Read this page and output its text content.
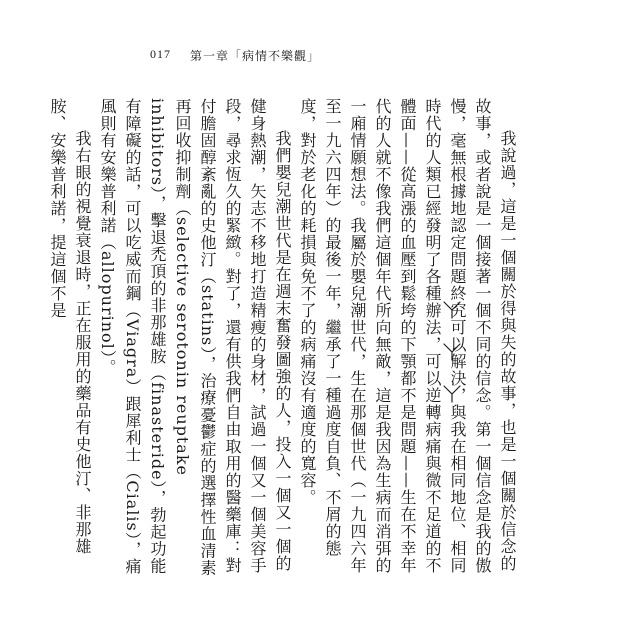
017 第一章「病情不樂觀」

我說過，這是一個關於得與失的故事，也是一個關於信念的故事，或者說是一個接著一個不同的信念。第一個信念是我的傲慢，毫無根據地認定問題終究可以解決，與我在相同地位、相同時代的人類已經發明了各種辦法，可以逆轉病痛與微不足道的不體面——從高漲的血壓到鬆垮的下顎都不是問題——生在不幸年代的人就不像我們這個年代所向無敵，這是我因為生病而消弭的一廂情願想法。我屬於嬰兒潮世代，生在那個世代（一九四六年至一九六四年）的最後一年，繼承了一種過度自負、不屑的態度，對於老化的耗損與免不了的病痛沒有適度的寬容。

我們嬰兒潮世代是在週末奮發圖強的人，投入一個又一個的健身熱潮，矢志不移地打造精瘦的身材，試過一個又一個美容手段，尋求恆久的緊緻。對了，還有供我們自由取用的醫藥庫：對付膽固醇紊亂的史他汀（statins），治療憂鬱症的選擇性血清素再回收抑制劑（selective serotonin reuptake inhibitors），擊退禿頂的非那雄胺（finasteride），勃起功能有障礙的話，可以吃威而鋼（Viagra）跟犀利士（Cialis），痛風則有安樂普利諾（allopurinol）。

我右眼的視覺衰退時，正在服用的藥品有史他汀、非那雄胺、安樂普利諾，提這個不是
